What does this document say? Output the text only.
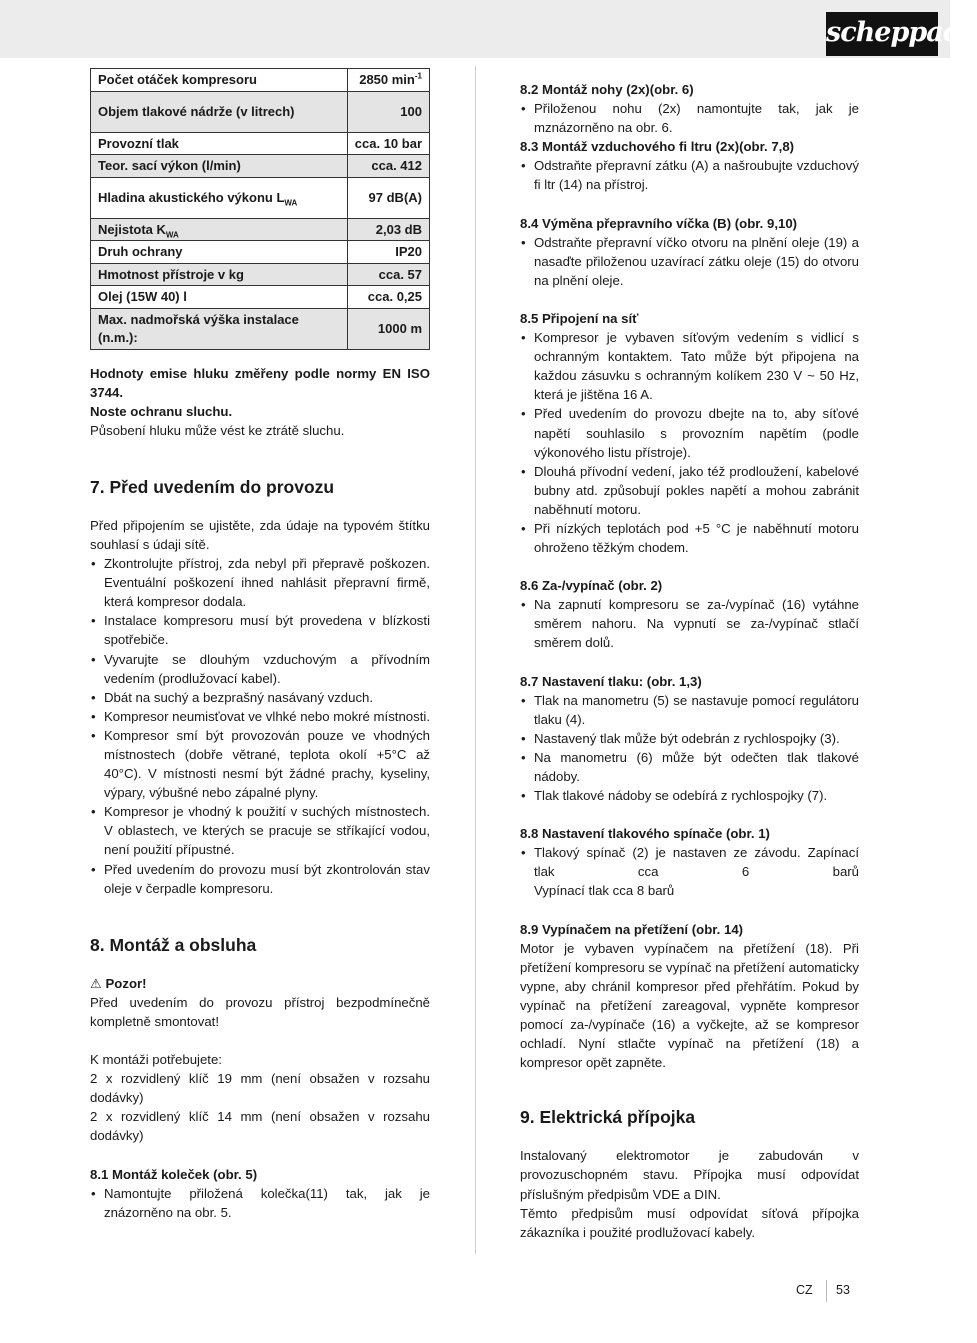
scheppach
Počet otáček kompresoru	2850 $\min^{-1}$
Objem tlakové nádrže (v litrech)	100
Provozní tlak	cca. 10 bar
Teor. sací výkon (l/min)	cca. 412
Hladina akustického výkonu $L_{WA}$	97 dB(A)
Nejistota $K_{WA}$	2,03 dB
Druh ochrany	IP20
Hmotnost přístroje v kg	cca. 57
Olej (15W 40) l	cca. 0,25
Max. nadmořská výška instalace (n.m.):	1000 m

Hodnoty emise hluku změřeny podle normy EN ISO 3744.

Noste ochranu sluchu.

Působení hluku může vést ke ztrátě sluchu.

7. Před uvedením do provozu

Před připojením se ujistěte, zda údaje na typovém štítku souhlasí s údaji sítě.

• Zkontrolujte přístroj, zda nebyl při přepravě poškozen. Eventuální poškození ihned nahlásit přepravní firmě, která kompresor dodala.
• Instalace kompresoru musí být provedena v blízkosti spotřebiče.
• Vyvarujte se dlouhým vzduchovým a přívodním vedením (prodlužovací kabel).
• Dbát na suchý a bezprašný nasávaný vzduch.
• Kompresor neumisťovat ve vlhké nebo mokré místnosti.
• Kompresor smí být provozován pouze ve vhodných místnostech (dobře větrané, teplota okolí +5°C až 40°C). V místnosti nesmí být žádné prachy, kyseliny, výpary, výbušné nebo zápalné plyny.
• Kompresor je vhodný k použití v suchých místnostech. V oblastech, ve kterých se pracuje se stříkající vodou, není použití přípustné.
• Před uvedením do provozu musí být zkontrolován stav oleje v čerpadle kompresoru.
8. Montáž a obsluha

⚠ Pozor!

Před uvedením do provozu přístroj bezpodmínečně kompletně smontovat!

K montáži potřebujete:

2 x rozvidlený klíč 19 mm (není obsažen v rozsahu dodávky)

2 x rozvidlený klíč 14 mm (není obsažen v rozsahu dodávky)

8.1 Montáž koleček (obr. 5)
• Namontujte přiložená kolečka(11) tak, jak je znázorněno na obr. 5.
8.2 Montáž nohy (2x)(obr. 6)
• Přiloženou nohu (2x) namontujte tak, jak je mznázorněno na obr. 6.
8.3 Montáž vzduchového fi ltru (2x)(obr. 7,8)
• Odstraňte přepravní zátku (A) a našroubujte vzduchový fi ltr (14) na přístroj.
8.4 Výměna přepravního víčka (B) (obr. 9,10)
• Odstraňte přepravní víčko otvoru na plnění oleje (19) a nasaďte přiloženou uzavírací zátku oleje (15) do otvoru na plnění oleje.
8.5 Připojení na síť
• Kompresor je vybaven síťovým vedením s vidlicí s ochranným kontaktem. Tato může být připojena na každou zásuvku s ochranným kolíkem 230 V ~ 50 Hz, která je jištěna 16 A.
• Před uvedením do provozu dbejte na to, aby síťové napětí souhlasilo s provozním napětím (podle výkonového listu přístroje).
• Dlouhá přívodní vedení, jako též prodloužení, kabelové bubny atd. způsobují pokles napětí a mohou zabránit naběhnutí motoru.
• Při nízkých teplotách pod +5 °C je naběhnutí motoru ohroženo těžkým chodem.
8.6 Za-/vypínač (obr. 2)
• Na zapnutí kompresoru se za-/vypínač (16) vytáhne směrem nahoru. Na vypnutí se za-/vypínač stlačí směrem dolů.
8.7 Nastavení tlaku: (obr. 1,3)
• Tlak na manometru (5) se nastavuje pomocí regulátoru tlaku (4).
• Nastavený tlak může být odebrán z rychlospojky (3).
• Na manometru (6) může být odečten tlak tlakové nádoby.
• Tlak tlakové nádoby se odebírá z rychlospojky (7).
8.8 Nastavení tlakového spínače (obr. 1)
• Tlakový spínač (2) je nastaven ze závodu. Zapínací tlak cca 6 barů

Vypínací tlak cca 8 barů

8.9 Vypínačem na přetížení (obr. 14)

Motor je vybaven vypínačem na přetížení (18). Při přetížení kompresoru se vypínač na přetížení automaticky vypne, aby chránil kompresor před přehřátím. Pokud by vypínač na přetížení zareagoval, vypněte kompresor pomocí za-/vypínače (16) a vyčkejte, až se kompresor ochladí. Nyní stlačte vypínač na přetížení (18) a kompresor opět zapněte.

9. Elektrická přípojka

Instalovaný elektromotor je zabudován v provozuschopném stavu. Přípojka musí odpovídat příslušným předpisům VDE a DIN.

Těmto předpisům musí odpovídat síťová přípojka zákazníka i použité prodlužovací kabely.

CZ 53
